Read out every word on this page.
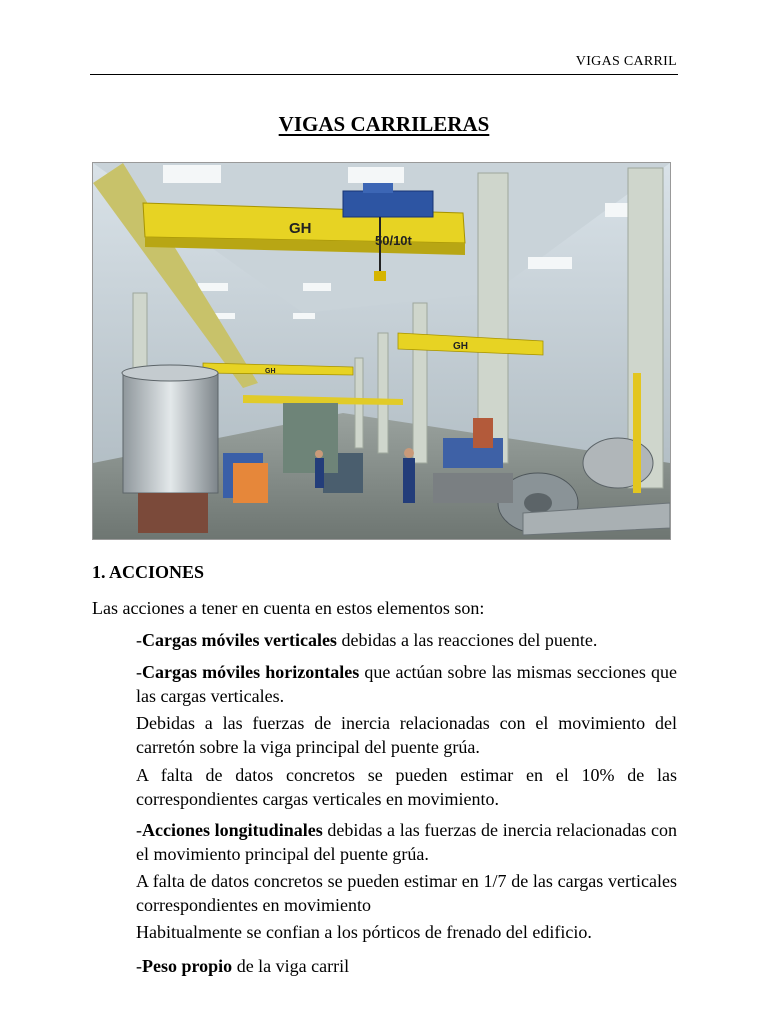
VIGAS CARRIL
VIGAS CARRILERAS
GH
50/10t
GH
GH
1. ACCIONES
Las acciones a tener en cuenta en estos elementos son:
-Cargas móviles verticales debidas a las reacciones del puente.
-Cargas móviles horizontales que actúan sobre las mismas secciones que las cargas verticales.
Debidas a las fuerzas de inercia relacionadas con el movimiento del carretón sobre la viga principal del puente grúa.
A falta de datos concretos se pueden estimar en el 10% de las correspondientes cargas verticales en movimiento.
-Acciones longitudinales debidas a las fuerzas de inercia relacionadas con el movimiento principal del puente grúa.
A falta de datos concretos se pueden estimar en 1/7 de las cargas verticales correspondientes en movimiento
Habitualmente se confian a los pórticos de frenado del edificio.
-Peso propio de la viga carril
